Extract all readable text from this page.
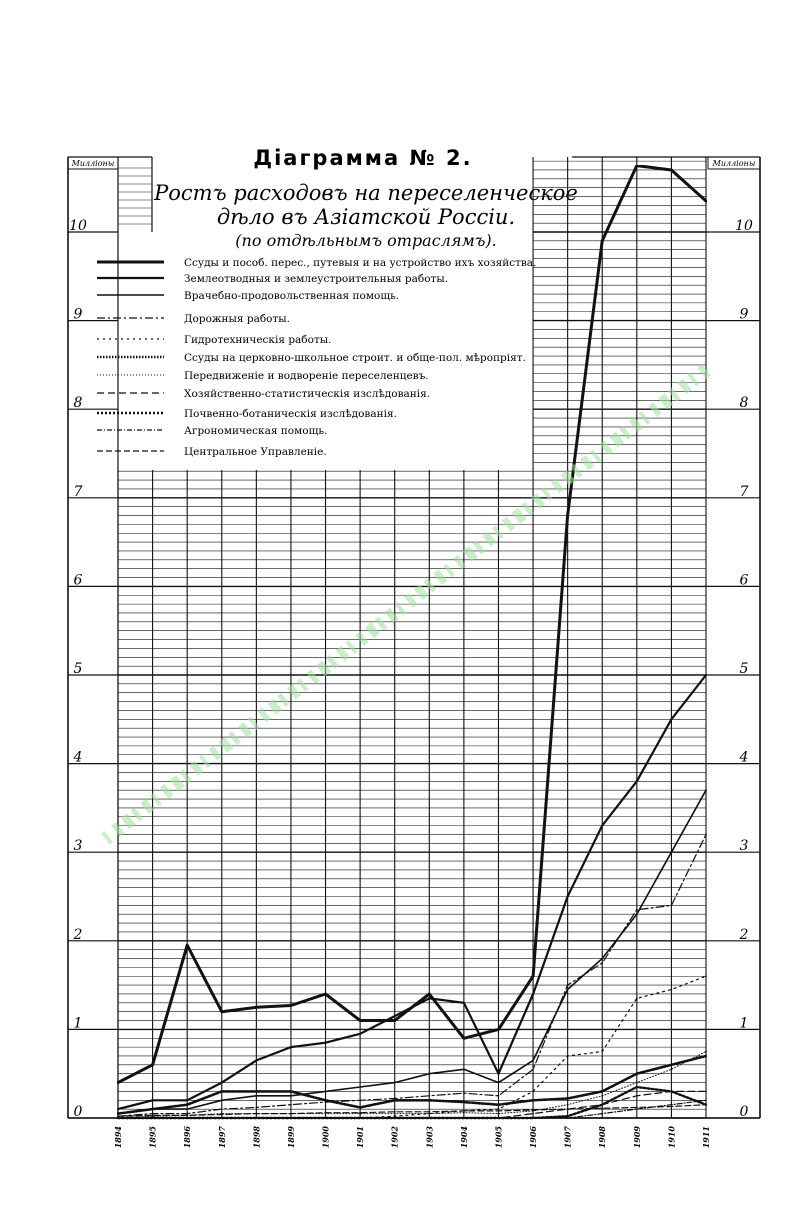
Милліоны	Милліоны
0	0
1	1
2	2
3	3
4	4
5	5
6	6
7	7
8	8
9	9
10	10
1894	1895	1896	1897	1898	1899	1900	1901	1902	1903	1904	1905	1906	1907	1908	1909	1910	1911
Ссуды и пособ. перес., путевыя и на устройство ихъ хозяйства.
Землеотводныя и землеустроительныя работы.
Врачебно-продовольственная помощь.
Дорожныя работы.
Гидротехническія работы.
Ссуды на церковно-школьное строит. и обще-пол. мѣропріят.
Передвиженіе и водвореніе переселенцевъ.
Хозяйственно-статистическія изслѣдованія.
Почвенно-ботаническія изслѣдованія.
Агрономическая помощь.
Центральное Управленіе.
Діаграмма № 2.
Ростъ расходовъ на переселенческое
дѣло въ Азіатской Россіи.
(по отдѣльнымъ отраслямъ).
